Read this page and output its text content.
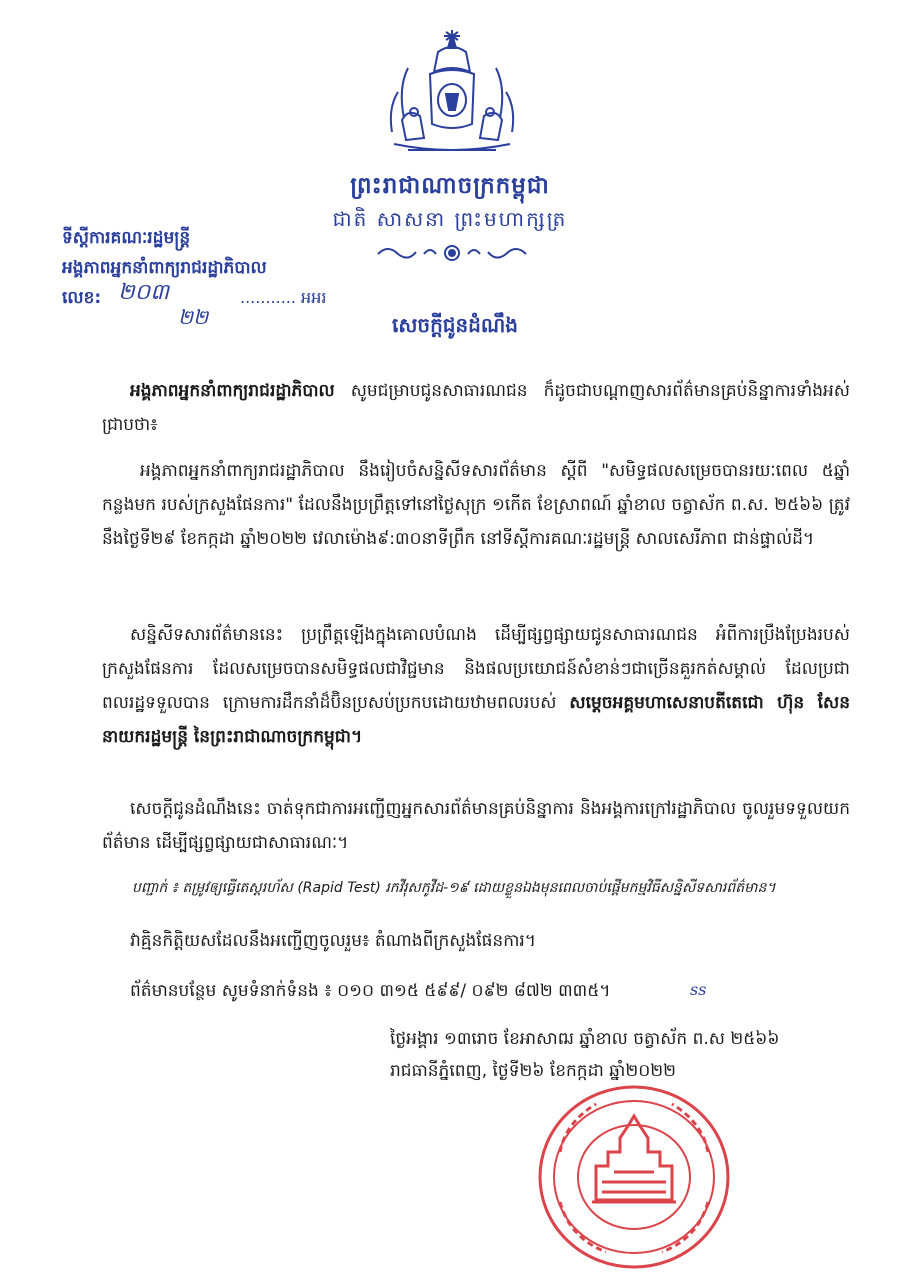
ព្រះរាជាណាចក្រកម្ពុជា
ជាតិ សាសនា ព្រះមហាក្សត្រ
ទីស្តីការគណៈរដ្ឋមន្ត្រី
អង្គភាពអ្នកនាំពាក្យរាជរដ្ឋាភិបាល
លេខ: ២០៣	........... អអរ
២២	សេចក្តីជូនដំណឹង
អង្គភាពអ្នកនាំពាក្យរាជរដ្ឋាភិបាល សូមជម្រាបជូនសាធារណជន ក៏ដូចជាបណ្តាញសារព័ត៌មានគ្រប់និន្នាការទាំងអស់ជ្រាបថា៖
អង្គភាពអ្នកនាំពាក្យរាជរដ្ឋាភិបាល នឹងរៀបចំសន្និសីទសារព័ត៌មាន ស្តីពី "សមិទ្ធផលសម្រេចបានរយៈពេល ៥ឆ្នាំកន្លងមក របស់ក្រសួងផែនការ" ដែលនឹងប្រព្រឹត្តទៅនៅថ្ងៃសុក្រ ១កើត ខែស្រាពណ៍ ឆ្នាំខាល ចត្វាស័ក ព.ស. ២៥៦៦ ត្រូវនឹងថ្ងៃទី២៩ ខែកក្កដា ឆ្នាំ២០២២ វេលាម៉ោង៩:៣០នាទីព្រឹក នៅទីស្តីការគណៈរដ្ឋមន្ត្រី សាលសេរីភាព ជាន់ផ្ទាល់ដី។
សន្និសីទសារព័ត៌មាននេះ ប្រព្រឹត្តឡើងក្នុងគោលបំណង ដើម្បីផ្សព្វផ្សាយជូនសាធារណជន អំពីការប្រឹងប្រែងរបស់ ក្រសួងផែនការ ដែលសម្រេចបានសមិទ្ធផលជាវិជ្ជមាន និងផលប្រយោជន៍សំខាន់ៗជាច្រើនគួរកត់សម្គាល់ ដែលប្រជាពលរដ្ឋទទួលបាន ក្រោមការដឹកនាំដ៏ប៊ិនប្រសប់ប្រកបដោយឋាមពលរបស់ សម្តេចអគ្គមហាសេនាបតីតេជោ ហ៊ុន សែន នាយករដ្ឋមន្ត្រី នៃព្រះរាជាណាចក្រកម្ពុជា។
សេចក្តីជូនដំណឹងនេះ ចាត់ទុកជាការអញ្ជើញអ្នកសារព័ត៌មានគ្រប់និន្នាការ និងអង្គការក្រៅរដ្ឋាភិបាល ចូលរួមទទួលយកព័ត៌មាន ដើម្បីផ្សព្វផ្សាយជាសាធារណៈ។
បញ្ជាក់ ៖ តម្រូវឲ្យធ្វើតេស្តរហ័ស (Rapid Test) រកវីរុសកូវីដ-១៩ ដោយខ្លួនឯងមុនពេលចាប់ផ្តើមកម្មវិធីសន្និសីទសារព័ត៌មាន។
វាគ្មិនកិត្តិយសដែលនឹងអញ្ជើញចូលរួម៖ តំណាងពីក្រសួងផែនការ។
ព័ត៌មានបន្ថែម សូមទំនាក់ទំនង ៖ ០១០ ៣១៥ ៥៩៩/ ០៩២ ៨៧២ ៣៣៥។	ss
ថ្ងៃអង្គារ ១៣រោច ខែអាសាឍ ឆ្នាំខាល ចត្វាស័ក ព.ស ២៥៦៦
រាជធានីភ្នំពេញ, ថ្ងៃទី២៦ ខែកក្កដា ឆ្នាំ២០២២
